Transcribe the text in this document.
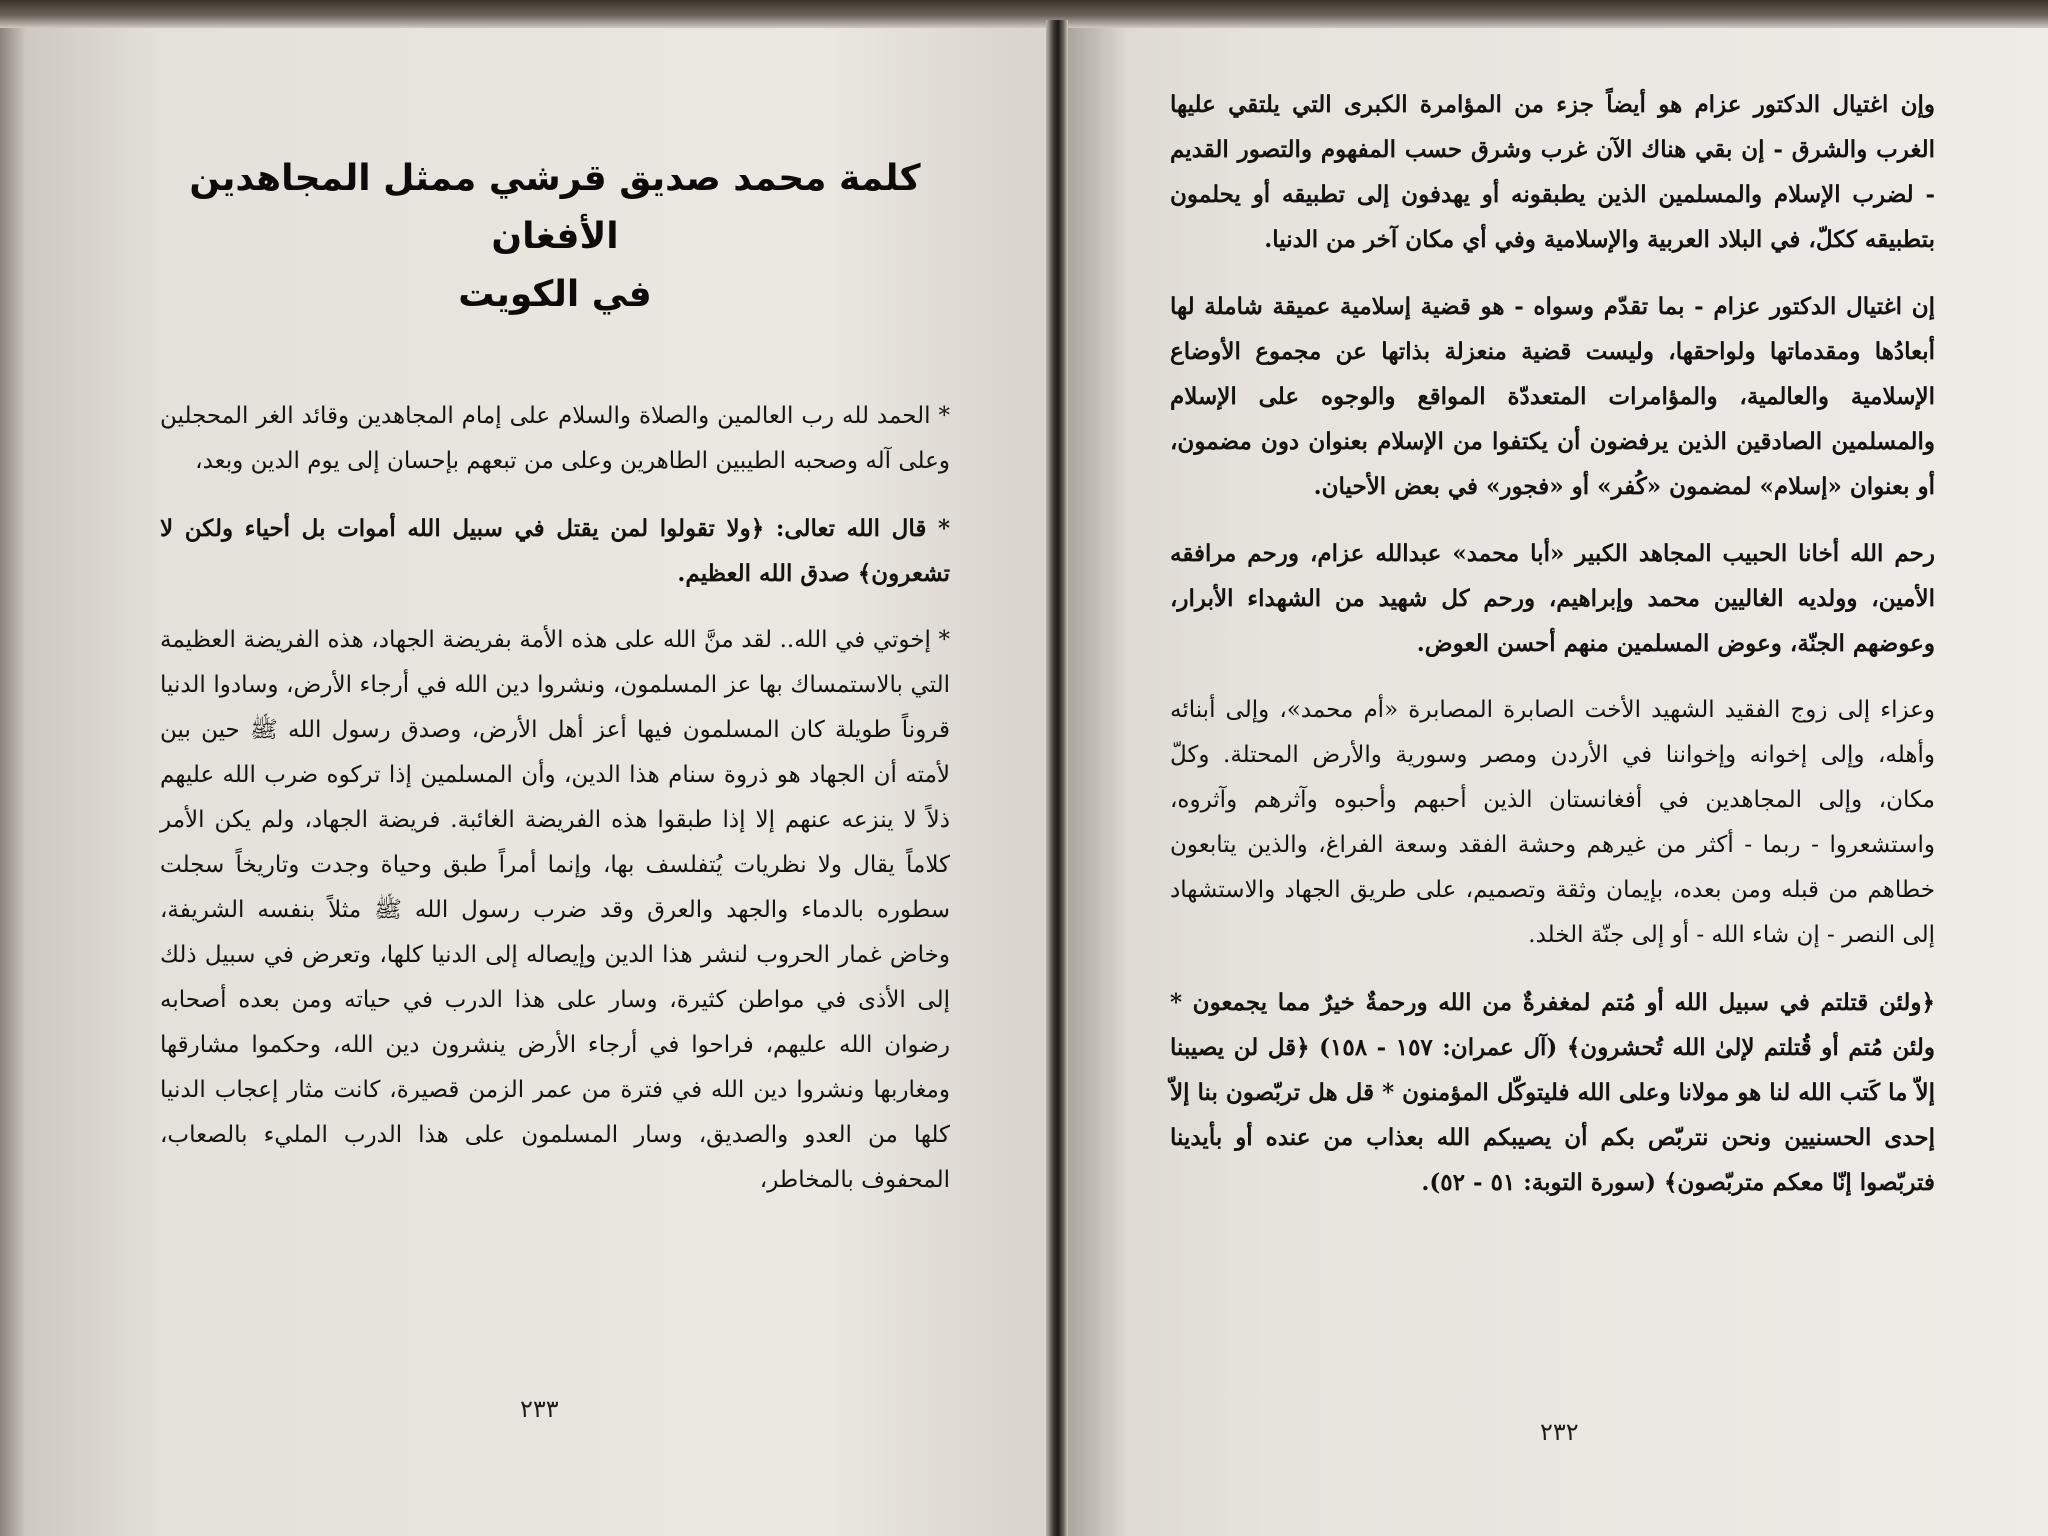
كلمة محمد صديق قرشي ممثل المجاهدين الأفغان
في الكويت

* الحمد لله رب العالمين والصلاة والسلام على إمام المجاهدين وقائد الغر المحجلين وعلى آله وصحبه الطيبين الطاهرين وعلى من تبعهم بإحسان إلى يوم الدين وبعد،

* قال الله تعالى: ﴿ولا تقولوا لمن يقتل في سبيل الله أموات بل أحياء ولكن لا تشعرون﴾ صدق الله العظيم.

* إخوتي في الله.. لقد منَّ الله على هذه الأمة بفريضة الجهاد، هذه الفريضة العظيمة التي بالاستمساك بها عز المسلمون، ونشروا دين الله في أرجاء الأرض، وسادوا الدنيا قروناً طويلة كان المسلمون فيها أعز أهل الأرض، وصدق رسول الله ﷺ حين بين لأمته أن الجهاد هو ذروة سنام هذا الدين، وأن المسلمين إذا تركوه ضرب الله عليهم ذلاً لا ينزعه عنهم إلا إذا طبقوا هذه الفريضة الغائبة. فريضة الجهاد، ولم يكن الأمر كلاماً يقال ولا نظريات يُتفلسف بها، وإنما أمراً طبق وحياة وجدت وتاريخاً سجلت سطوره بالدماء والجهد والعرق وقد ضرب رسول الله ﷺ مثلاً بنفسه الشريفة، وخاض غمار الحروب لنشر هذا الدين وإيصاله إلى الدنيا كلها، وتعرض في سبيل ذلك إلى الأذى في مواطن كثيرة، وسار على هذا الدرب في حياته ومن بعده أصحابه رضوان الله عليهم، فراحوا في أرجاء الأرض ينشرون دين الله، وحكموا مشارقها ومغاربها ونشروا دين الله في فترة من عمر الزمن قصيرة، كانت مثار إعجاب الدنيا كلها من العدو والصديق، وسار المسلمون على هذا الدرب المليء بالصعاب، المحفوف بالمخاطر،

٢٣٣

وإن اغتيال الدكتور عزام هو أيضاً جزء من المؤامرة الكبرى التي يلتقي عليها الغرب والشرق - إن بقي هناك الآن غرب وشرق حسب المفهوم والتصور القديم - لضرب الإسلام والمسلمين الذين يطبقونه أو يهدفون إلى تطبيقه أو يحلمون بتطبيقه ككلّ، في البلاد العربية والإسلامية وفي أي مكان آخر من الدنيا.

إن اغتيال الدكتور عزام - بما تقدّم وسواه - هو قضية إسلامية عميقة شاملة لها أبعادُها ومقدماتها ولواحقها، وليست قضية منعزلة بذاتها عن مجموع الأوضاع الإسلامية والعالمية، والمؤامرات المتعددّة المواقع والوجوه على الإسلام والمسلمين الصادقين الذين يرفضون أن يكتفوا من الإسلام بعنوان دون مضمون، أو بعنوان «إسلام» لمضمون «كُفر» أو «فجور» في بعض الأحيان.

رحم الله أخانا الحبيب المجاهد الكبير «أبا محمد» عبدالله عزام، ورحم مرافقه الأمين، وولديه الغاليين محمد وإبراهيم، ورحم كل شهيد من الشهداء الأبرار، وعوضهم الجنّة، وعوض المسلمين منهم أحسن العوض.

وعزاء إلى زوج الفقيد الشهيد الأخت الصابرة المصابرة «أم محمد»، وإلى أبنائه وأهله، وإلى إخوانه وإخواننا في الأردن ومصر وسورية والأرض المحتلة. وكلّ مكان، وإلى المجاهدين في أفغانستان الذين أحبهم وأحبوه وآثرهم وآثروه، واستشعروا - ربما - أكثر من غيرهم وحشة الفقد وسعة الفراغ، والذين يتابعون خطاهم من قبله ومن بعده، بإيمان وثقة وتصميم، على طريق الجهاد والاستشهاد إلى النصر - إن شاء الله - أو إلى جنّة الخلد.

﴿ولئن قتلتم في سبيل الله أو مُتم لمغفرةٌ من الله ورحمةٌ خيرٌ مما يجمعون * ولئن مُتم أو قُتلتم لإلىٰ الله تُحشرون﴾ (آل عمران: ١٥٧ - ١٥٨) ﴿قل لن يصيبنا إلاّ ما كَتب الله لنا هو مولانا وعلى الله فليتوكّل المؤمنون * قل هل تربّصون بنا إلاّ إحدى الحسنيين ونحن نتربّص بكم أن يصيبكم الله بعذاب من عنده أو بأيدينا فتربّصوا إنّا معكم متربّصون﴾ (سورة التوبة: ٥١ - ٥٢).

٢٣٢
